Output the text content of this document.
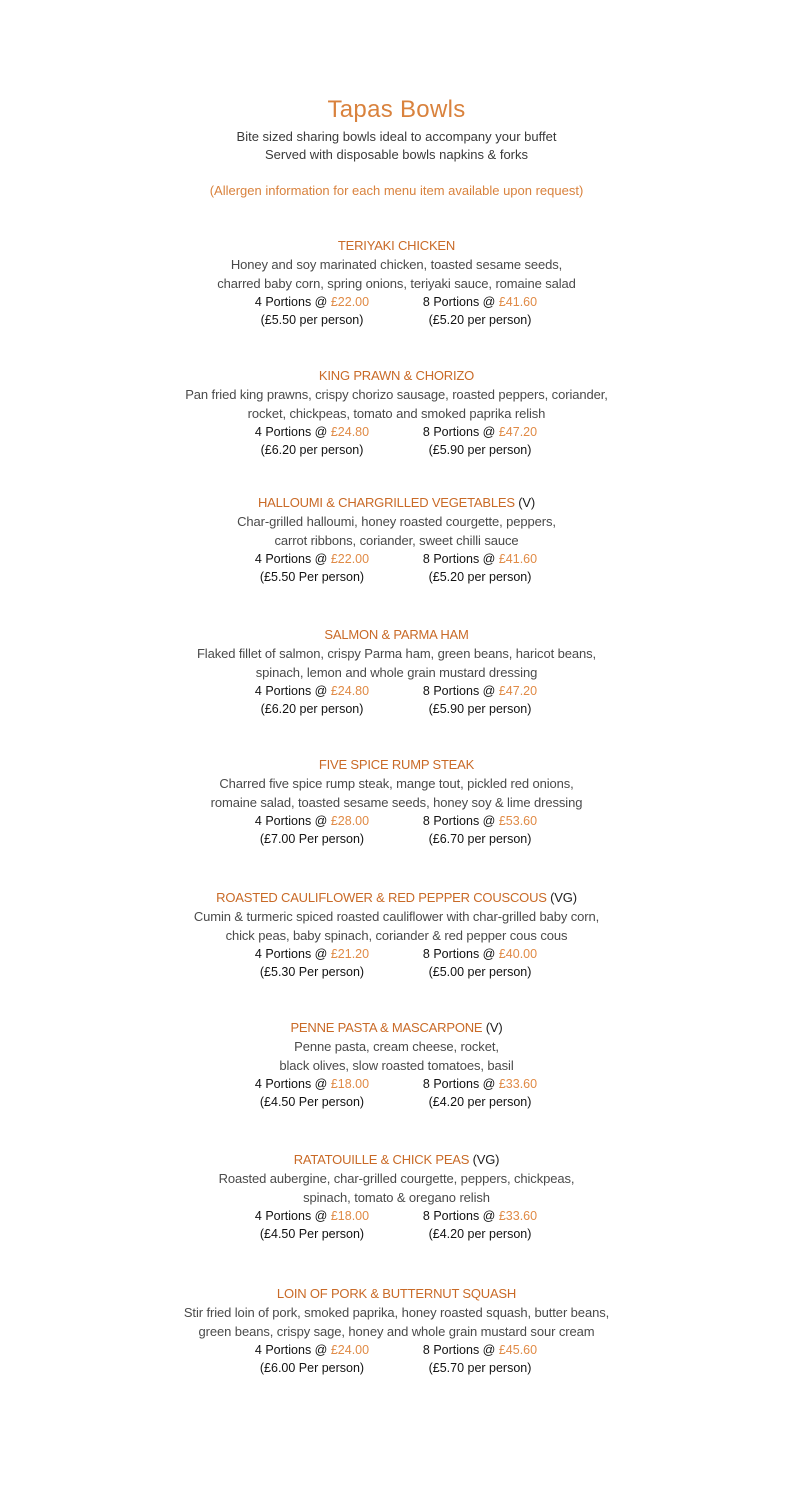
Tapas Bowls
Bite sized sharing bowls ideal to accompany your buffet
Served with disposable bowls napkins & forks
(Allergen information for each menu item available upon request)
TERIYAKI CHICKEN
Honey and soy marinated chicken, toasted sesame seeds,
charred baby corn, spring onions, teriyaki sauce, romaine salad
4 Portions @ £22.00
(£5.50 per person)
8 Portions @ £41.60
(£5.20 per person)
KING PRAWN & CHORIZO
Pan fried king prawns, crispy chorizo sausage, roasted peppers, coriander,
rocket, chickpeas, tomato and smoked paprika relish
4 Portions @ £24.80
(£6.20 per person)
8 Portions @ £47.20
(£5.90 per person)
HALLOUMI & CHARGRILLED VEGETABLES (V)
Char-grilled halloumi, honey roasted courgette, peppers,
carrot ribbons, coriander, sweet chilli sauce
4 Portions @ £22.00
(£5.50 Per person)
8 Portions @ £41.60
(£5.20 per person)
SALMON & PARMA HAM
Flaked fillet of salmon, crispy Parma ham, green beans, haricot beans,
spinach, lemon and whole grain mustard dressing
4 Portions @ £24.80
(£6.20 per person)
8 Portions @ £47.20
(£5.90 per person)
FIVE SPICE RUMP STEAK
Charred five spice rump steak, mange tout, pickled red onions,
romaine salad, toasted sesame seeds, honey soy & lime dressing
4 Portions @ £28.00
(£7.00 Per person)
8 Portions @ £53.60
(£6.70 per person)
ROASTED CAULIFLOWER & RED PEPPER COUSCOUS (VG)
Cumin & turmeric spiced roasted cauliflower with char-grilled baby corn,
chick peas, baby spinach, coriander & red pepper cous cous
4 Portions @ £21.20
(£5.30 Per person)
8 Portions @ £40.00
(£5.00 per person)
PENNE PASTA & MASCARPONE (V)
Penne pasta, cream cheese, rocket,
black olives, slow roasted tomatoes, basil
4 Portions @ £18.00
(£4.50 Per person)
8 Portions @ £33.60
(£4.20 per person)
RATATOUILLE & CHICK PEAS (VG)
Roasted aubergine, char-grilled courgette, peppers, chickpeas,
spinach, tomato & oregano relish
4 Portions @ £18.00
(£4.50 Per person)
8 Portions @ £33.60
(£4.20 per person)
LOIN OF PORK & BUTTERNUT SQUASH
Stir fried loin of pork, smoked paprika, honey roasted squash, butter beans,
green beans, crispy sage, honey and whole grain mustard sour cream
4 Portions @ £24.00
(£6.00 Per person)
8 Portions @ £45.60
(£5.70 per person)
